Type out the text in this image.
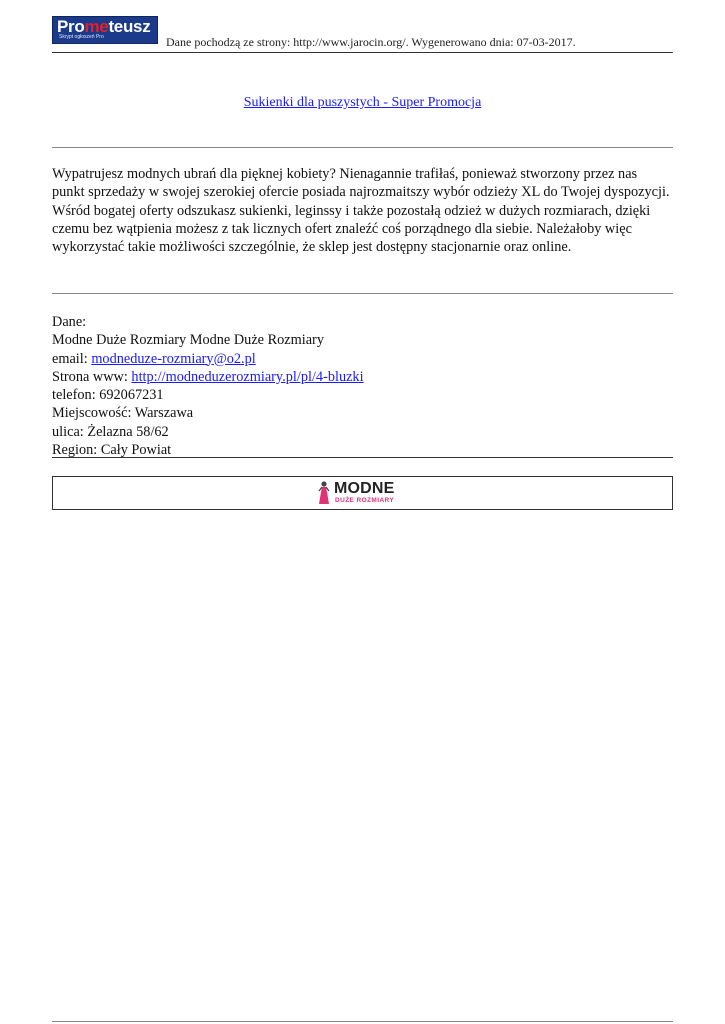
Prometeusz
Skrypt ogłoszeń Pro	Dane pochodzą ze strony: http://www.jarocin.org/. Wygenerowano dnia: 07-03-2017.
Sukienki dla puszystych - Super Promocja

Wypatrujesz modnych ubrań dla pięknej kobiety? Nienagannie trafiłaś, ponieważ stworzony przez nas punkt sprzedaży w swojej szerokiej ofercie posiada najrozmaitszy wybór odzieży XL do Twojej dyspozycji. Wśród bogatej oferty odszukasz sukienki, leginssy i także pozostałą odzież w dużych rozmiarach, dzięki czemu bez wątpienia możesz z tak licznych ofert znaleźć coś porządnego dla siebie. Należałoby więc wykorzystać takie możliwości szczególnie, że sklep jest dostępny stacjonarnie oraz online.

Dane:
Modne Duże Rozmiary Modne Duże Rozmiary
email: modneduze-rozmiary@o2.pl
Strona www: http://modneduzerozmiary.pl/pl/4-bluzki
telefon: 692067231
Miejscowość: Warszawa
ulica: Żelazna 58/62
Region: Cały Powiat
MODNE
DUŻE ROZMIARY
